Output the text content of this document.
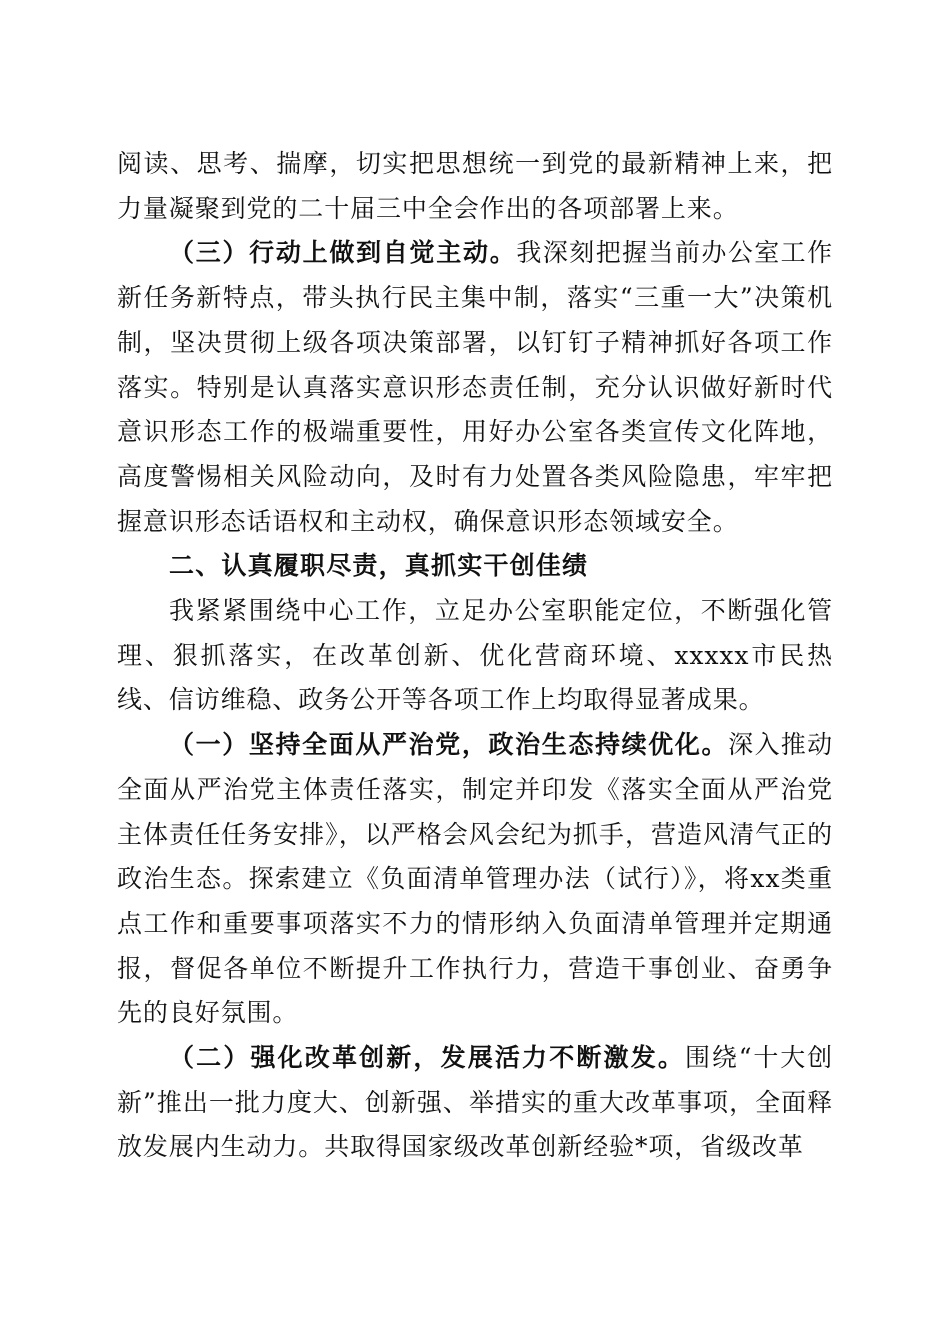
阅读、思考、揣摩，切实把思想统一到党的最新精神上来，把力量凝聚到党的二十届三中全会作出的各项部署上来。

（三）行动上做到自觉主动。我深刻把握当前办公室工作新任务新特点，带头执行民主集中制，落实“三重一大”决策机制，坚决贯彻上级各项决策部署，以钉钉子精神抓好各项工作落实。特别是认真落实意识形态责任制，充分认识做好新时代意识形态工作的极端重要性，用好办公室各类宣传文化阵地，高度警惕相关风险动向，及时有力处置各类风险隐患，牢牢把握意识形态话语权和主动权，确保意识形态领域安全。

二、认真履职尽责，真抓实干创佳绩

我紧紧围绕中心工作，立足办公室职能定位，不断强化管理、狠抓落实，在改革创新、优化营商环境、xxxxx市民热线、信访维稳、政务公开等各项工作上均取得显著成果。

（一）坚持全面从严治党，政治生态持续优化。深入推动全面从严治党主体责任落实，制定并印发《落实全面从严治党主体责任任务安排》，以严格会风会纪为抓手，营造风清气正的政治生态。探索建立《负面清单管理办法（试行）》，将xx类重点工作和重要事项落实不力的情形纳入负面清单管理并定期通报，督促各单位不断提升工作执行力，营造干事创业、奋勇争先的良好氛围。

（二）强化改革创新，发展活力不断激发。围绕“十大创新”推出一批力度大、创新强、举措实的重大改革事项，全面释放发展内生动力。共取得国家级改革创新经验*项，省级改革
